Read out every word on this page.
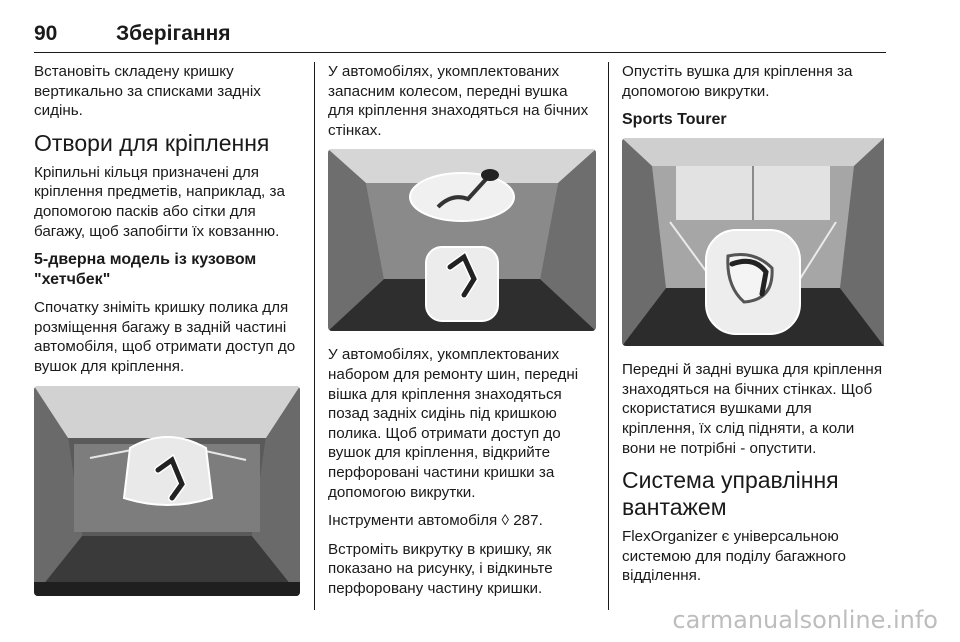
90	Зберігання

Встановіть складену кришку вертикально за списками задніх сидінь.

Отвори для кріплення

Кріпильні кільця призначені для кріплення предметів, наприклад, за допомогою пасків або сітки для багажу, щоб запобігти їх ковзанню.

5-дверна модель із кузовом "хетчбек"

Спочатку зніміть кришку полика для розміщення багажу в задній частині автомобіля, щоб отримати доступ до вушок для кріплення.

У автомобілях, укомплектованих запасним колесом, передні вушка для кріплення знаходяться на бічних стінках.

У автомобілях, укомплектованих набором для ремонту шин, передні вішка для кріплення знаходяться позад задніх сидінь під кришкою полика. Щоб отримати доступ до вушок для кріплення, відкрийте перфоровані частини кришки за допомогою викрутки.

Інструменти автомобіля ◊ 287.

Встроміть викрутку в кришку, як показано на рисунку, і відкиньте перфоровану частину кришки.

Опустіть вушка для кріплення за допомогою викрутки.

Sports Tourer

Передні й задні вушка для кріплення знаходяться на бічних стінках. Щоб скористатися вушками для кріплення, їх слід підняти, а коли вони не потрібні - опустити.

Система управління вантажем

FlexOrganizer є універсальною системою для поділу багажного відділення.

carmanualsonline.info
